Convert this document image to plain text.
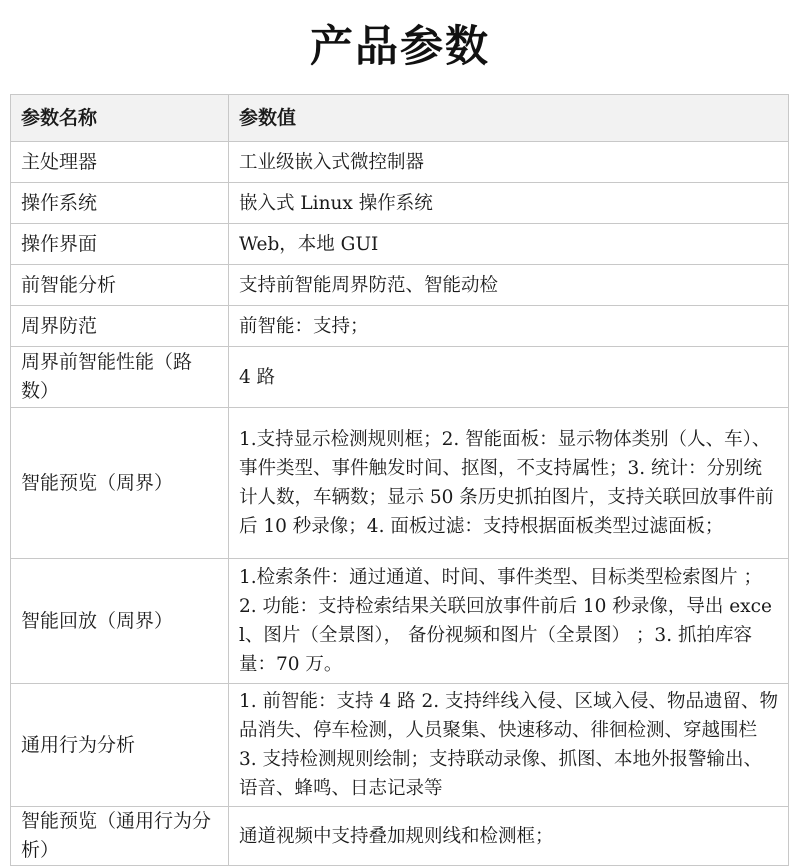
产品参数
参数名称	参数值
主处理器	工业级嵌入式微控制器
操作系统	嵌入式 Linux 操作系统
操作界面	Web，本地 GUI
前智能分析	支持前智能周界防范、智能动检
周界防范	前智能：支持；
周界前智能性能（路数）	4 路
智能预览（周界）	1.支持显示检测规则框；2. 智能面板：显示物体类别（人、车）、事件类型、事件触发时间、抠图，不支持属性；3. 统计：分别统计人数，车辆数；显示 50 条历史抓拍图片，支持关联回放事件前后 10 秒录像；4. 面板过滤：支持根据面板类型过滤面板；
智能回放（周界）	1.检索条件：通过通道、时间、事件类型、目标类型检索图片 ；2. 功能：支持检索结果关联回放事件前后 10 秒录像，导出 excel、图片（全景图）， 备份视频和图片（全景图） ；3. 抓拍库容量：70 万。
通用行为分析	1. 前智能：支持 4 路 2. 支持绊线入侵、区域入侵、物品遗留、物品消失、停车检测，人员聚集、快速移动、徘徊检测、穿越围栏 3. 支持检测规则绘制；支持联动录像、抓图、本地外报警输出、语音、蜂鸣、日志记录等
智能预览（通用行为分析）	通道视频中支持叠加规则线和检测框；
